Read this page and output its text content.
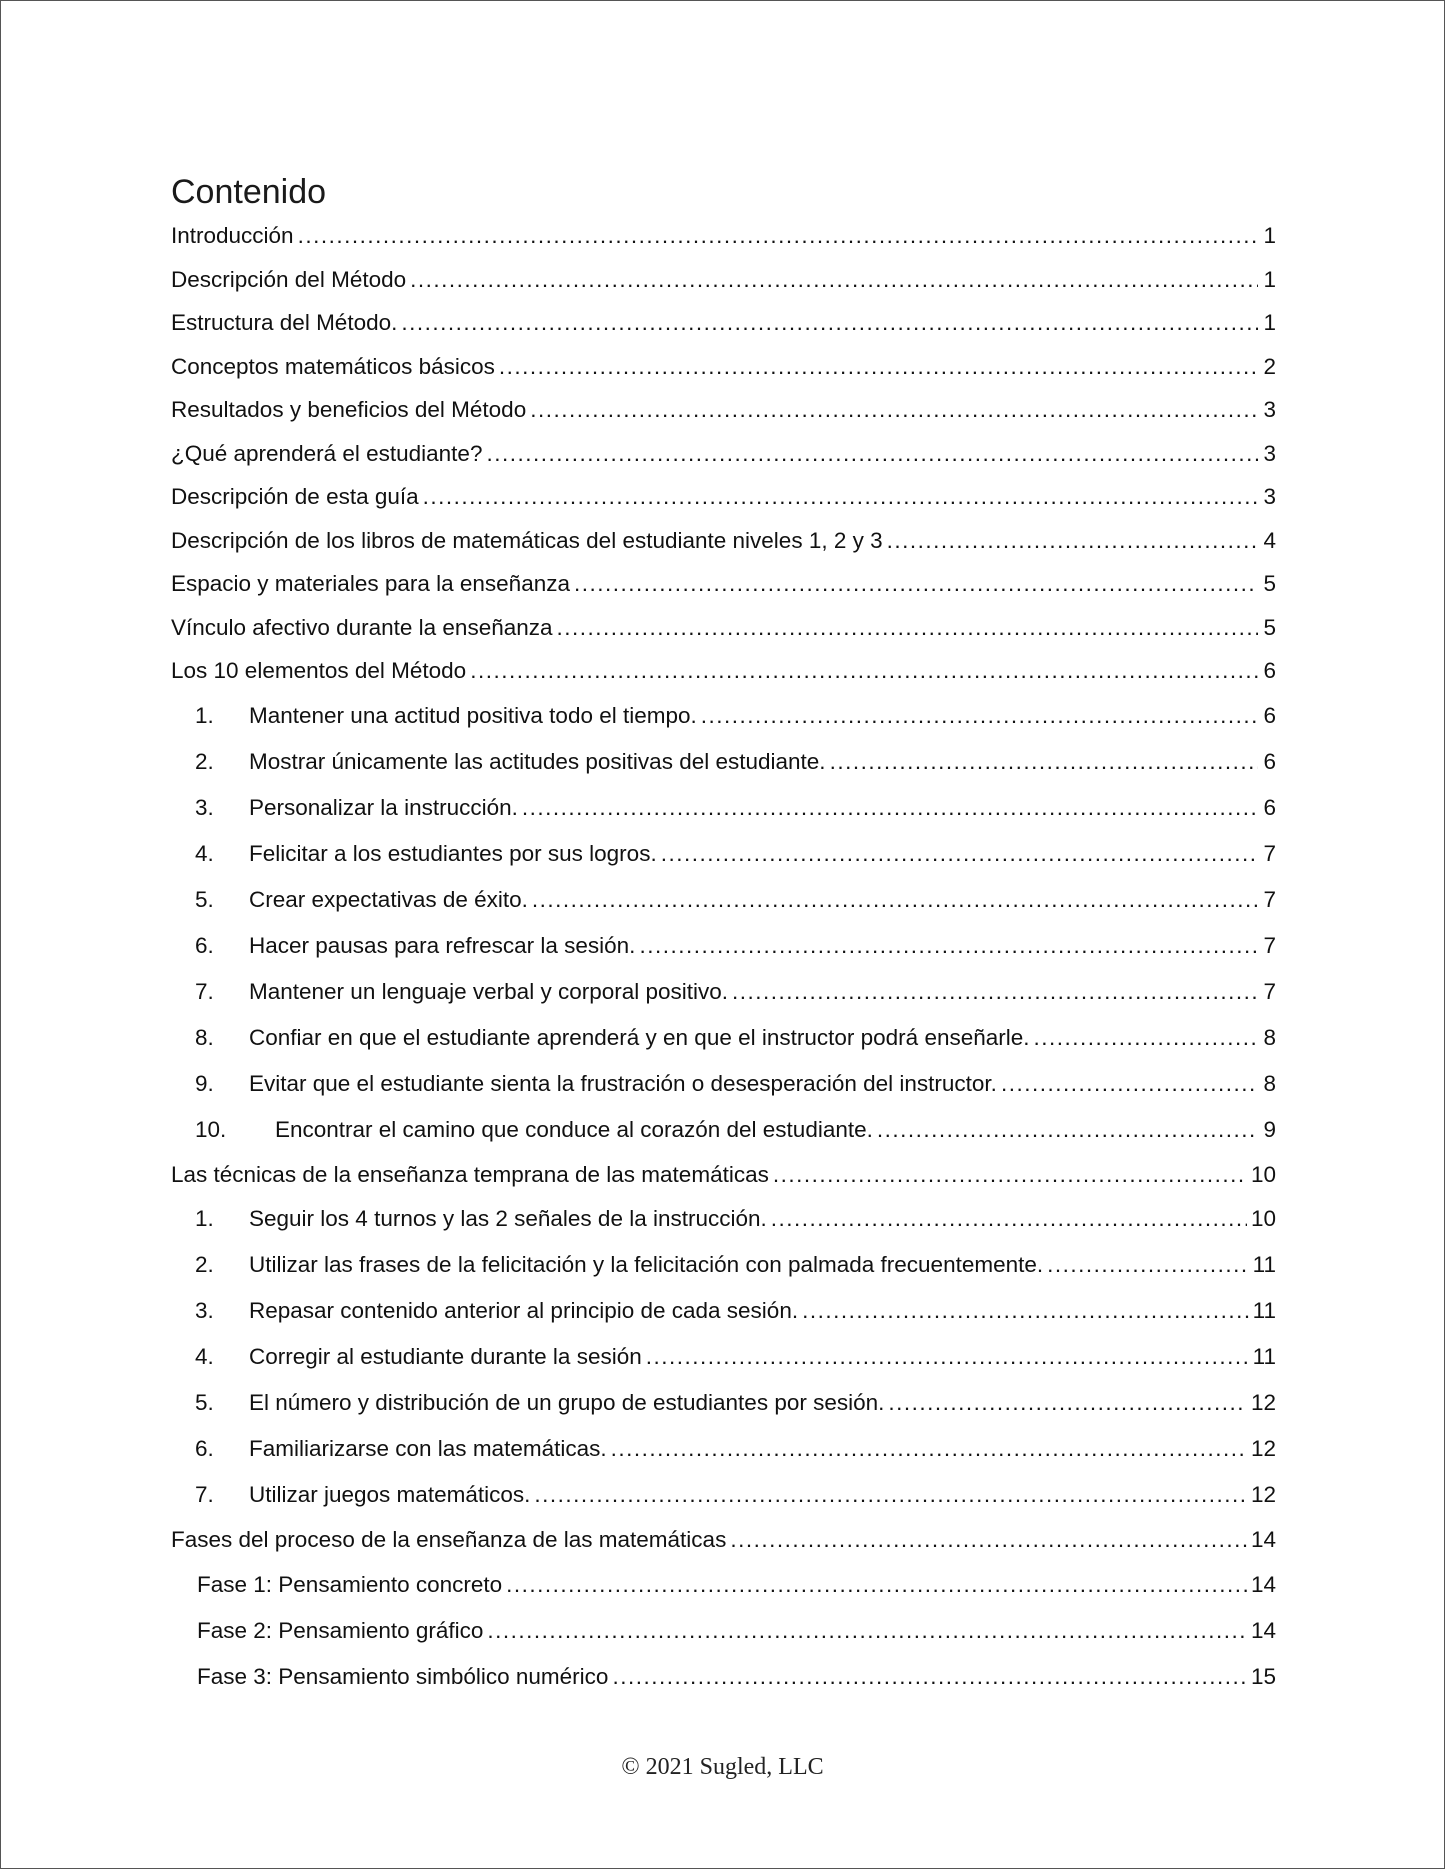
Contenido
Introducción .....	1
Descripción del Método .....	1
Estructura del Método. .....	1
Conceptos matemáticos básicos .....	2
Resultados y beneficios del Método .....	3
¿Qué aprenderá el estudiante? .....	3
Descripción de esta guía .....	3
Descripción de los libros de matemáticas del estudiante niveles 1, 2 y 3 .....	4
Espacio y materiales para la enseñanza .....	5
Vínculo afectivo durante la enseñanza .....	5
Los 10 elementos del Método .....	6
1.	Mantener una actitud positiva todo el tiempo. .....	6
2.	Mostrar únicamente las actitudes positivas del estudiante. .....	6
3.	Personalizar la instrucción. .....	6
4.	Felicitar a los estudiantes por sus logros. .....	7
5.	Crear expectativas de éxito. .....	7
6.	Hacer pausas para refrescar la sesión. .....	7
7.	Mantener un lenguaje verbal y corporal positivo. .....	7
8.	Confiar en que el estudiante aprenderá y en que el instructor podrá enseñarle. .....	8
9.	Evitar que el estudiante sienta la frustración o desesperación del instructor. .....	8
10.	Encontrar el camino que conduce al corazón del estudiante. .....	9
Las técnicas de la enseñanza temprana de las matemáticas .....	10
1.	Seguir los 4 turnos y las 2 señales de la instrucción. .....	10
2.	Utilizar las frases de la felicitación y la felicitación con palmada frecuentemente. .....	11
3.	Repasar contenido anterior al principio de cada sesión. .....	11
4.	Corregir al estudiante durante la sesión .....	11
5.	El número y distribución de un grupo de estudiantes por sesión. .....	12
6.	Familiarizarse con las matemáticas. .....	12
7.	Utilizar juegos matemáticos. .....	12
Fases del proceso de la enseñanza de las matemáticas .....	14
Fase 1: Pensamiento concreto .....	14
Fase 2: Pensamiento gráfico .....	14
Fase 3: Pensamiento simbólico numérico .....	15
© 2021 Sugled, LLC
